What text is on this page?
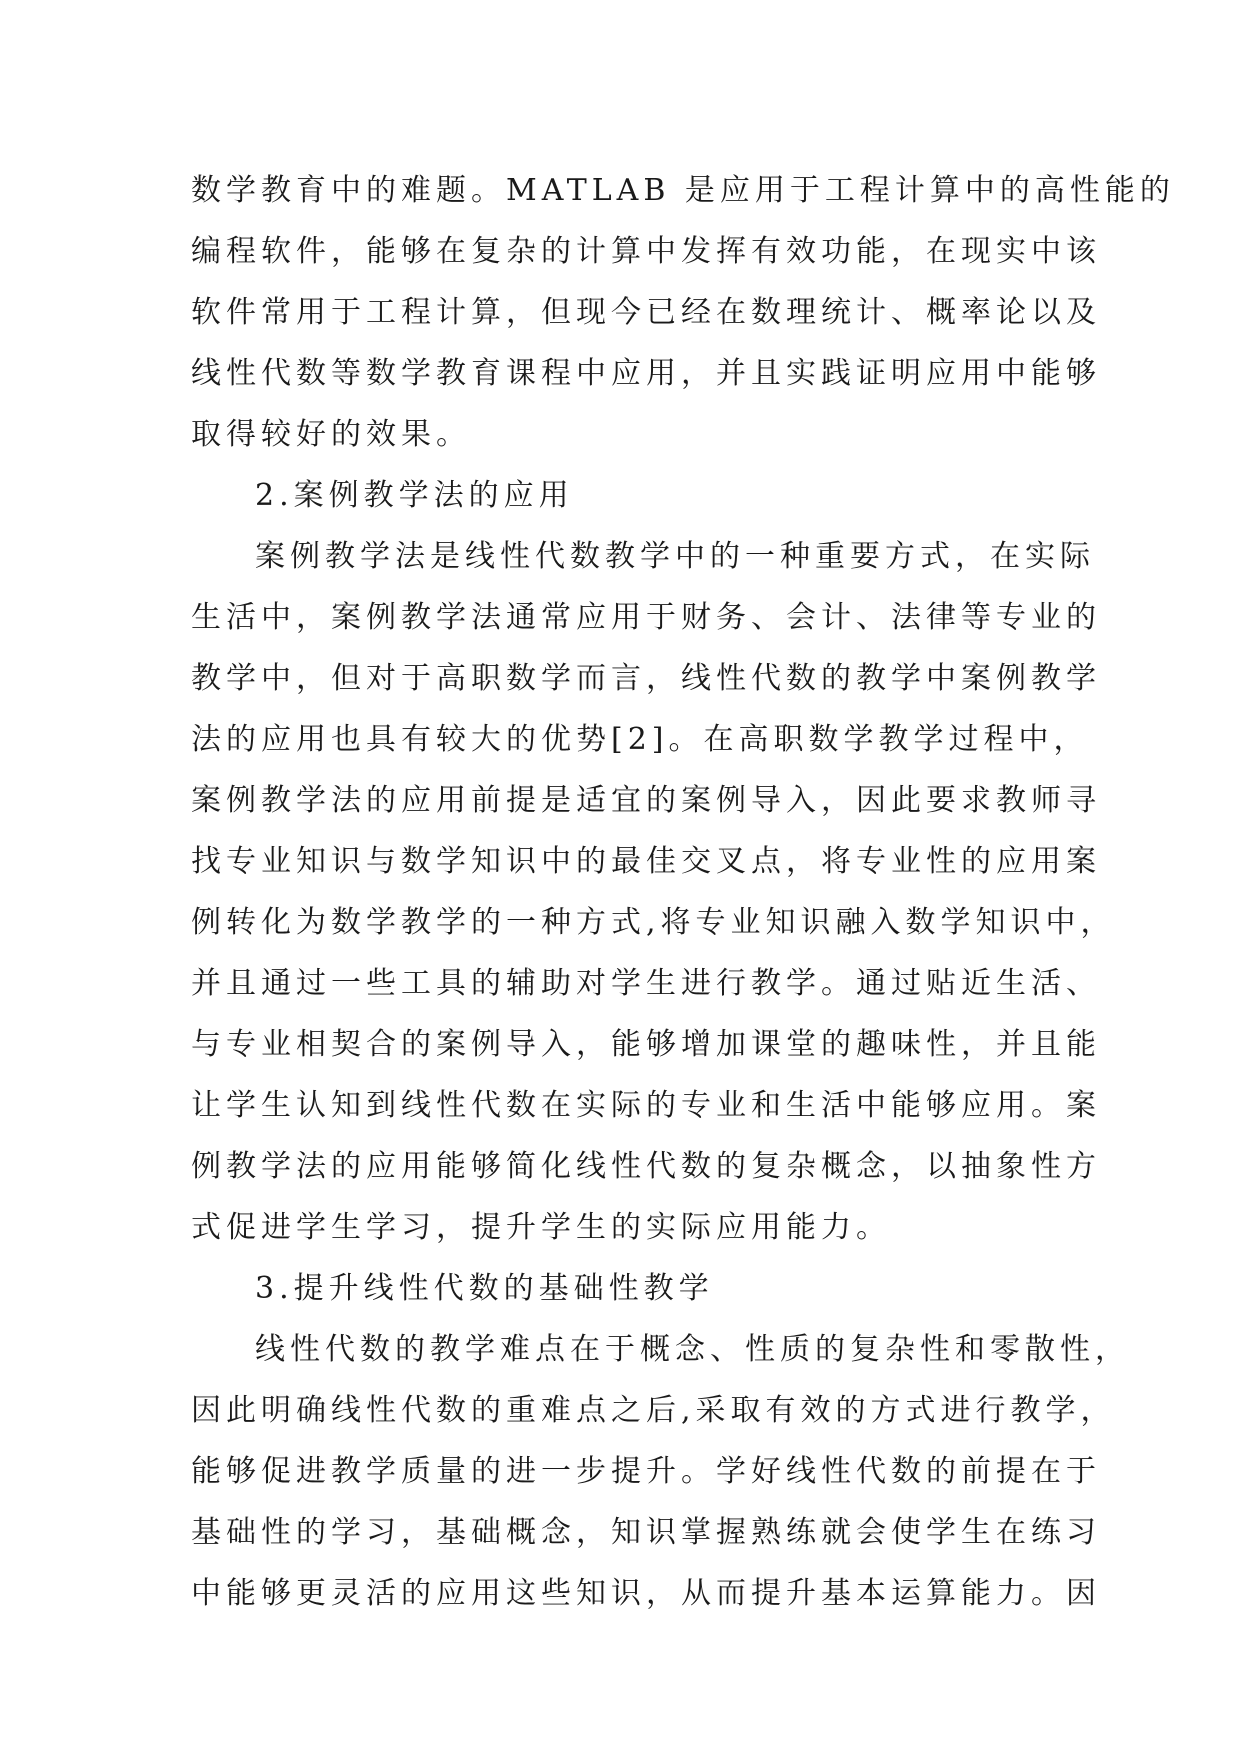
数学教育中的难题。MATLAB 是应用于工程计算中的高性能的
编程软件，能够在复杂的计算中发挥有效功能，在现实中该
软件常用于工程计算，但现今已经在数理统计、概率论以及
线性代数等数学教育课程中应用，并且实践证明应用中能够
取得较好的效果。
2.案例教学法的应用
案例教学法是线性代数教学中的一种重要方式，在实际
生活中，案例教学法通常应用于财务、会计、法律等专业的
教学中，但对于高职数学而言，线性代数的教学中案例教学
法的应用也具有较大的优势[2]。在高职数学教学过程中，
案例教学法的应用前提是适宜的案例导入，因此要求教师寻
找专业知识与数学知识中的最佳交叉点，将专业性的应用案
例转化为数学教学的一种方式,将专业知识融入数学知识中，
并且通过一些工具的辅助对学生进行教学。通过贴近生活、
与专业相契合的案例导入，能够增加课堂的趣味性，并且能
让学生认知到线性代数在实际的专业和生活中能够应用。案
例教学法的应用能够简化线性代数的复杂概念，以抽象性方
式促进学生学习，提升学生的实际应用能力。
3.提升线性代数的基础性教学
线性代数的教学难点在于概念、性质的复杂性和零散性，
因此明确线性代数的重难点之后,采取有效的方式进行教学，
能够促进教学质量的进一步提升。学好线性代数的前提在于
基础性的学习，基础概念，知识掌握熟练就会使学生在练习
中能够更灵活的应用这些知识，从而提升基本运算能力。因
